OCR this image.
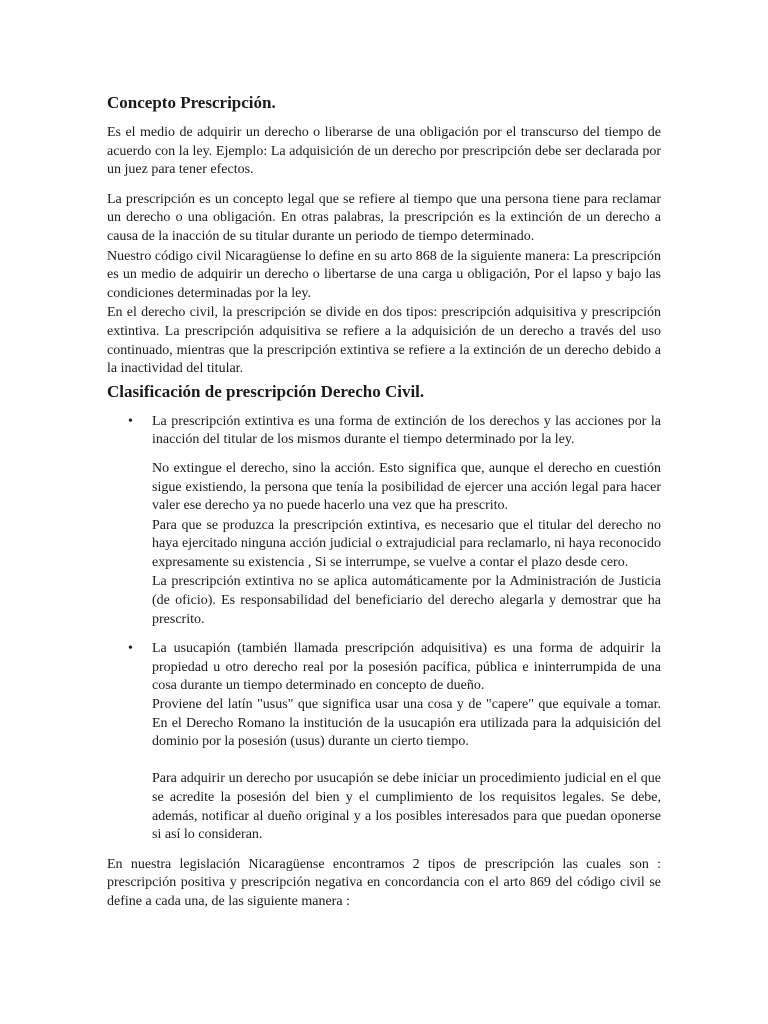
Concepto Prescripción.

Es el medio de adquirir un derecho o liberarse de una obligación por el transcurso del tiempo de acuerdo con la ley. Ejemplo: La adquisición de un derecho por prescripción debe ser declarada por un juez para tener efectos.

La prescripción es un concepto legal que se refiere al tiempo que una persona tiene para reclamar un derecho o una obligación. En otras palabras, la prescripción es la extinción de un derecho a causa de la inacción de su titular durante un periodo de tiempo determinado.

Nuestro código civil Nicaragüense lo define en su arto 868 de la siguiente manera: La prescripción es un medio de adquirir un derecho o libertarse de una carga u obligación, Por el lapso y bajo las condiciones determinadas por la ley.

En el derecho civil, la prescripción se divide en dos tipos: prescripción adquisitiva y prescripción extintiva. La prescripción adquisitiva se refiere a la adquisición de un derecho a través del uso continuado, mientras que la prescripción extintiva se refiere a la extinción de un derecho debido a la inactividad del titular.

Clasificación de prescripción Derecho Civil.
• La prescripción extintiva es una forma de extinción de los derechos y las acciones por la inacción del titular de los mismos durante el tiempo determinado por la ley.

No extingue el derecho, sino la acción. Esto significa que, aunque el derecho en cuestión sigue existiendo, la persona que tenía la posibilidad de ejercer una acción legal para hacer valer ese derecho ya no puede hacerlo una vez que ha prescrito.

Para que se produzca la prescripción extintiva, es necesario que el titular del derecho no haya ejercitado ninguna acción judicial o extrajudicial para reclamarlo, ni haya reconocido expresamente su existencia , Si se interrumpe, se vuelve a contar el plazo desde cero.

La prescripción extintiva no se aplica automáticamente por la Administración de Justicia (de oficio). Es responsabilidad del beneficiario del derecho alegarla y demostrar que ha prescrito.

• La usucapión (también llamada prescripción adquisitiva) es una forma de adquirir la propiedad u otro derecho real por la posesión pacífica, pública e ininterrumpida de una cosa durante un tiempo determinado en concepto de dueño.

Proviene del latín "usus" que significa usar una cosa y de "capere" que equivale a tomar. En el Derecho Romano la institución de la usucapión era utilizada para la adquisición del dominio por la posesión (usus) durante un cierto tiempo.

Para adquirir un derecho por usucapión se debe iniciar un procedimiento judicial en el que se acredite la posesión del bien y el cumplimiento de los requisitos legales. Se debe, además, notificar al dueño original y a los posibles interesados para que puedan oponerse si así lo consideran.

En nuestra legislación Nicaragüense encontramos 2 tipos de prescripción las cuales son : prescripción positiva y prescripción negativa en concordancia con el arto 869 del código civil se define a cada una, de las siguiente manera :
